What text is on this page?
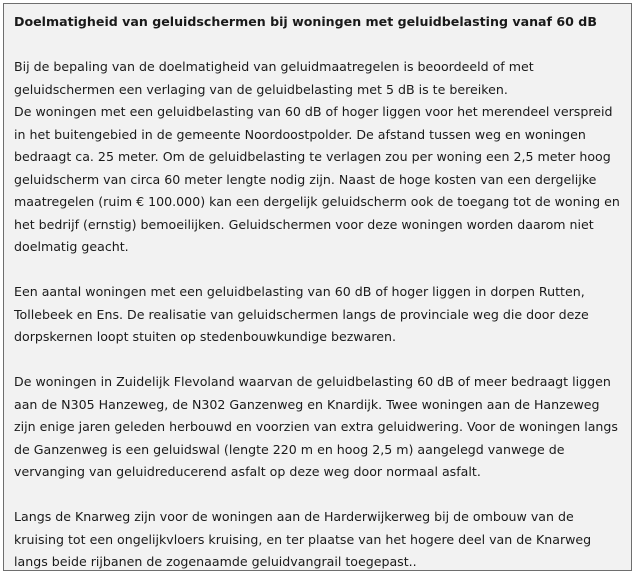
Doelmatigheid van geluidschermen bij woningen met geluidbelasting vanaf 60 dB

Bij de bepaling van de doelmatigheid van geluidmaatregelen is beoordeeld of met geluidschermen een verlaging van de geluidbelasting met 5 dB is te bereiken.

De woningen met een geluidbelasting van 60 dB of hoger liggen voor het merendeel verspreid in het buitengebied in de gemeente Noordoostpolder. De afstand tussen weg en woningen bedraagt ca. 25 meter. Om de geluidbelasting te verlagen zou per woning een 2,5 meter hoog geluidscherm van circa 60 meter lengte nodig zijn. Naast de hoge kosten van een dergelijke maatregelen (ruim € 100.000) kan een dergelijk geluidscherm ook de toegang tot de woning en het bedrijf (ernstig) bemoeilijken. Geluidschermen voor deze woningen worden daarom niet doelmatig geacht.

Een aantal woningen met een geluidbelasting van 60 dB of hoger liggen in dorpen Rutten, Tollebeek en Ens. De realisatie van geluidschermen langs de provinciale weg die door deze dorpskernen loopt stuiten op stedenbouwkundige bezwaren.

De woningen in Zuidelijk Flevoland waarvan de geluidbelasting 60 dB of meer bedraagt liggen aan de N305 Hanzeweg, de N302 Ganzenweg en Knardijk. Twee woningen aan de Hanzeweg zijn enige jaren geleden herbouwd en voorzien van extra geluidwering. Voor de woningen langs de Ganzenweg is een geluidswal (lengte 220 m en hoog 2,5 m) aangelegd vanwege de vervanging van geluidreducerend asfalt op deze weg door normaal asfalt.

Langs de Knarweg zijn voor de woningen aan de Harderwijkerweg bij de ombouw van de kruising tot een ongelijkvloers kruising, en ter plaatse van het hogere deel van de Knarweg langs beide rijbanen de zogenaamde geluidvangrail toegepast..
